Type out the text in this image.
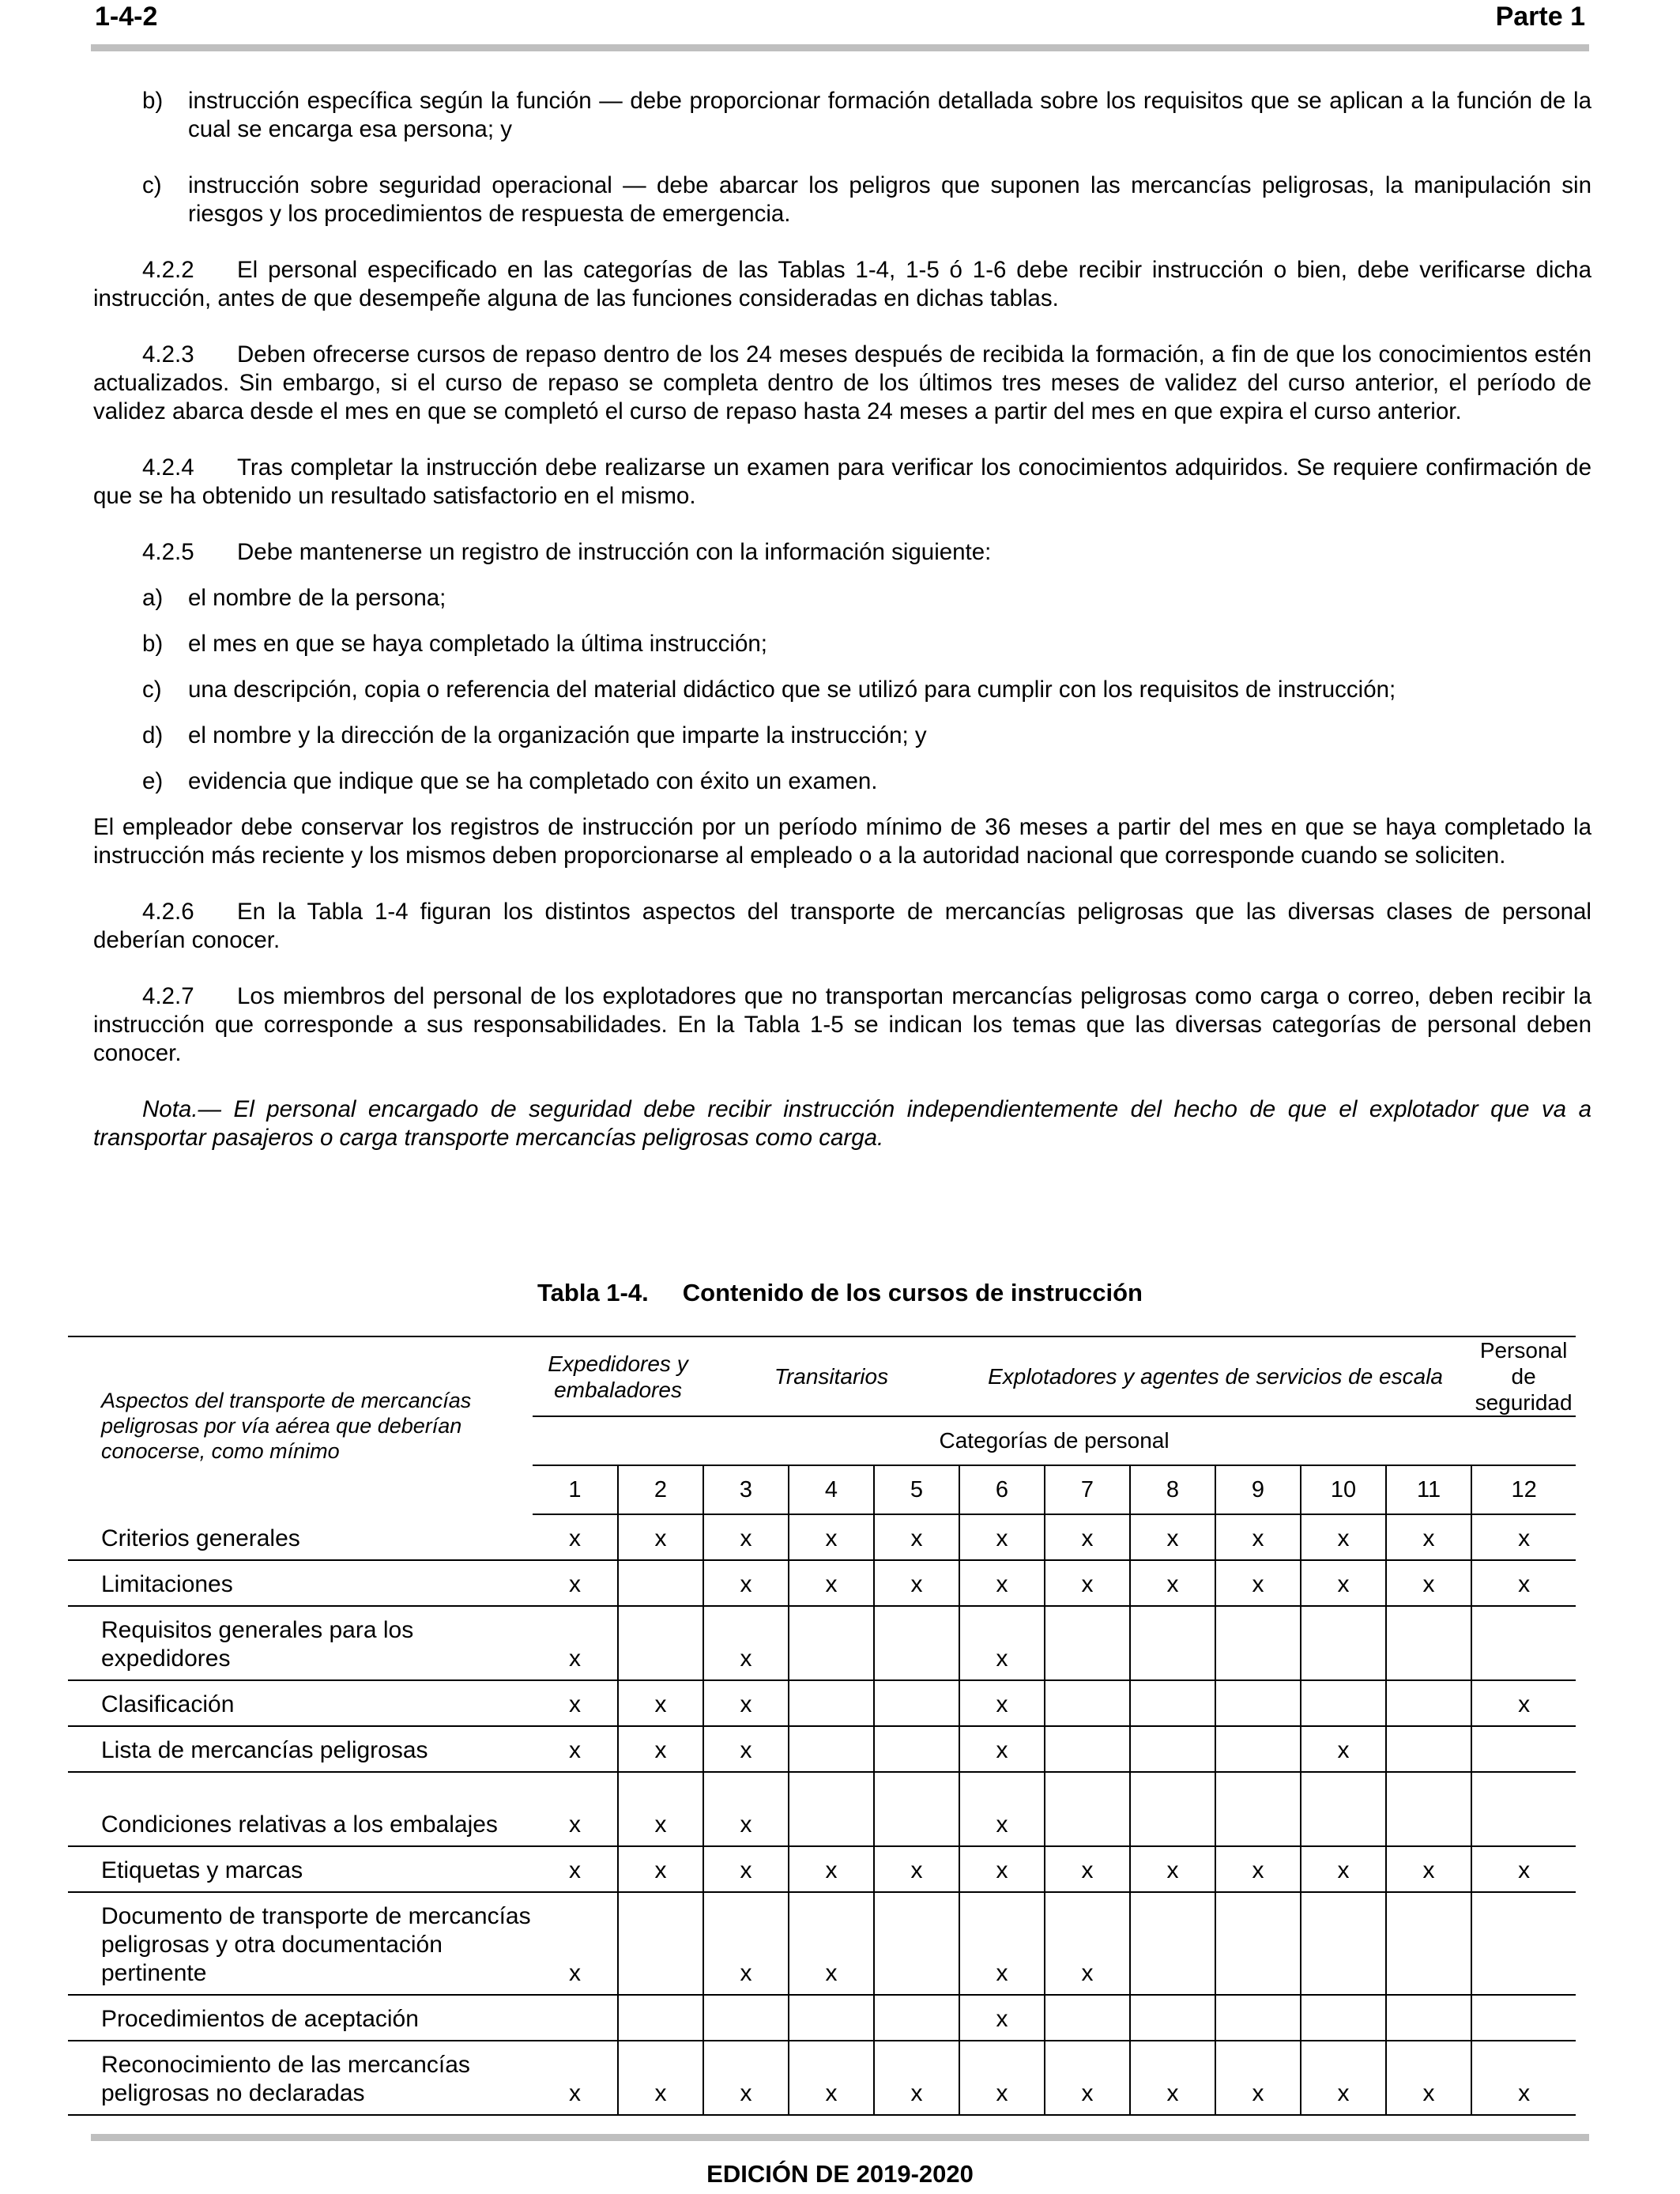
1-4-2	Parte 1
b)	instrucción específica según la función — debe proporcionar formación detallada sobre los requisitos que se aplican a la función de la cual se encarga esa persona; y
c)	instrucción sobre seguridad operacional — debe abarcar los peligros que suponen las mercancías peligrosas, la manipulación sin riesgos y los procedimientos de respuesta de emergencia.

4.2.2 El personal especificado en las categorías de las Tablas 1-4, 1-5 ó 1-6 debe recibir instrucción o bien, debe verificarse dicha instrucción, antes de que desempeñe alguna de las funciones consideradas en dichas tablas.

4.2.3 Deben ofrecerse cursos de repaso dentro de los 24 meses después de recibida la formación, a fin de que los conocimientos estén actualizados. Sin embargo, si el curso de repaso se completa dentro de los últimos tres meses de validez del curso anterior, el período de validez abarca desde el mes en que se completó el curso de repaso hasta 24 meses a partir del mes en que expira el curso anterior.

4.2.4 Tras completar la instrucción debe realizarse un examen para verificar los conocimientos adquiridos. Se requiere confirmación de que se ha obtenido un resultado satisfactorio en el mismo.

4.2.5 Debe mantenerse un registro de instrucción con la información siguiente:

a)	el nombre de la persona;
b)	el mes en que se haya completado la última instrucción;
c)	una descripción, copia o referencia del material didáctico que se utilizó para cumplir con los requisitos de instrucción;
d)	el nombre y la dirección de la organización que imparte la instrucción; y
e)	evidencia que indique que se ha completado con éxito un examen.

El empleador debe conservar los registros de instrucción por un período mínimo de 36 meses a partir del mes en que se haya completado la instrucción más reciente y los mismos deben proporcionarse al empleado o a la autoridad nacional que corresponde cuando se soliciten.

4.2.6 En la Tabla 1-4 figuran los distintos aspectos del transporte de mercancías peligrosas que las diversas clases de personal deberían conocer.

4.2.7 Los miembros del personal de los explotadores que no transportan mercancías peligrosas como carga o correo, deben recibir la instrucción que corresponde a sus responsabilidades. En la Tabla 1-5 se indican los temas que las diversas categorías de personal deben conocer.

Nota.— El personal encargado de seguridad debe recibir instrucción independientemente del hecho de que el explotador que va a transportar pasajeros o carga transporte mercancías peligrosas como carga.

Tabla 1-4.     Contenido de los cursos de instrucción
Aspectos del transporte de mercancías peligrosas por vía aérea que deberían conocerse, como mínimo	Expedidores y embaladores		Transitarios			Explotadores y agentes de servicios de escala						Personal de seguridad
	Categorías de personal											
	1	2	3	4	5	6	7	8	9	10	11	12
Criterios generales	x	x	x	x	x	x	x	x	x	x	x	x
Limitaciones	x		x	x	x	x	x	x	x	x	x	x
Requisitos generales para los expedidores	x		x			x						
Clasificación	x	x	x			x						x
Lista de mercancías peligrosas	x	x	x			x				x		
Condiciones relativas a los embalajes	x	x	x			x						
Etiquetas y marcas	x	x	x	x	x	x	x	x	x	x	x	x
Documento de transporte de mercancías peligrosas y otra documentación pertinente	x		x	x		x	x					
Procedimientos de aceptación						x						
Reconocimiento de las mercancías peligrosas no declaradas	x	x	x	x	x	x	x	x	x	x	x	x
EDICIÓN DE 2019-2020
